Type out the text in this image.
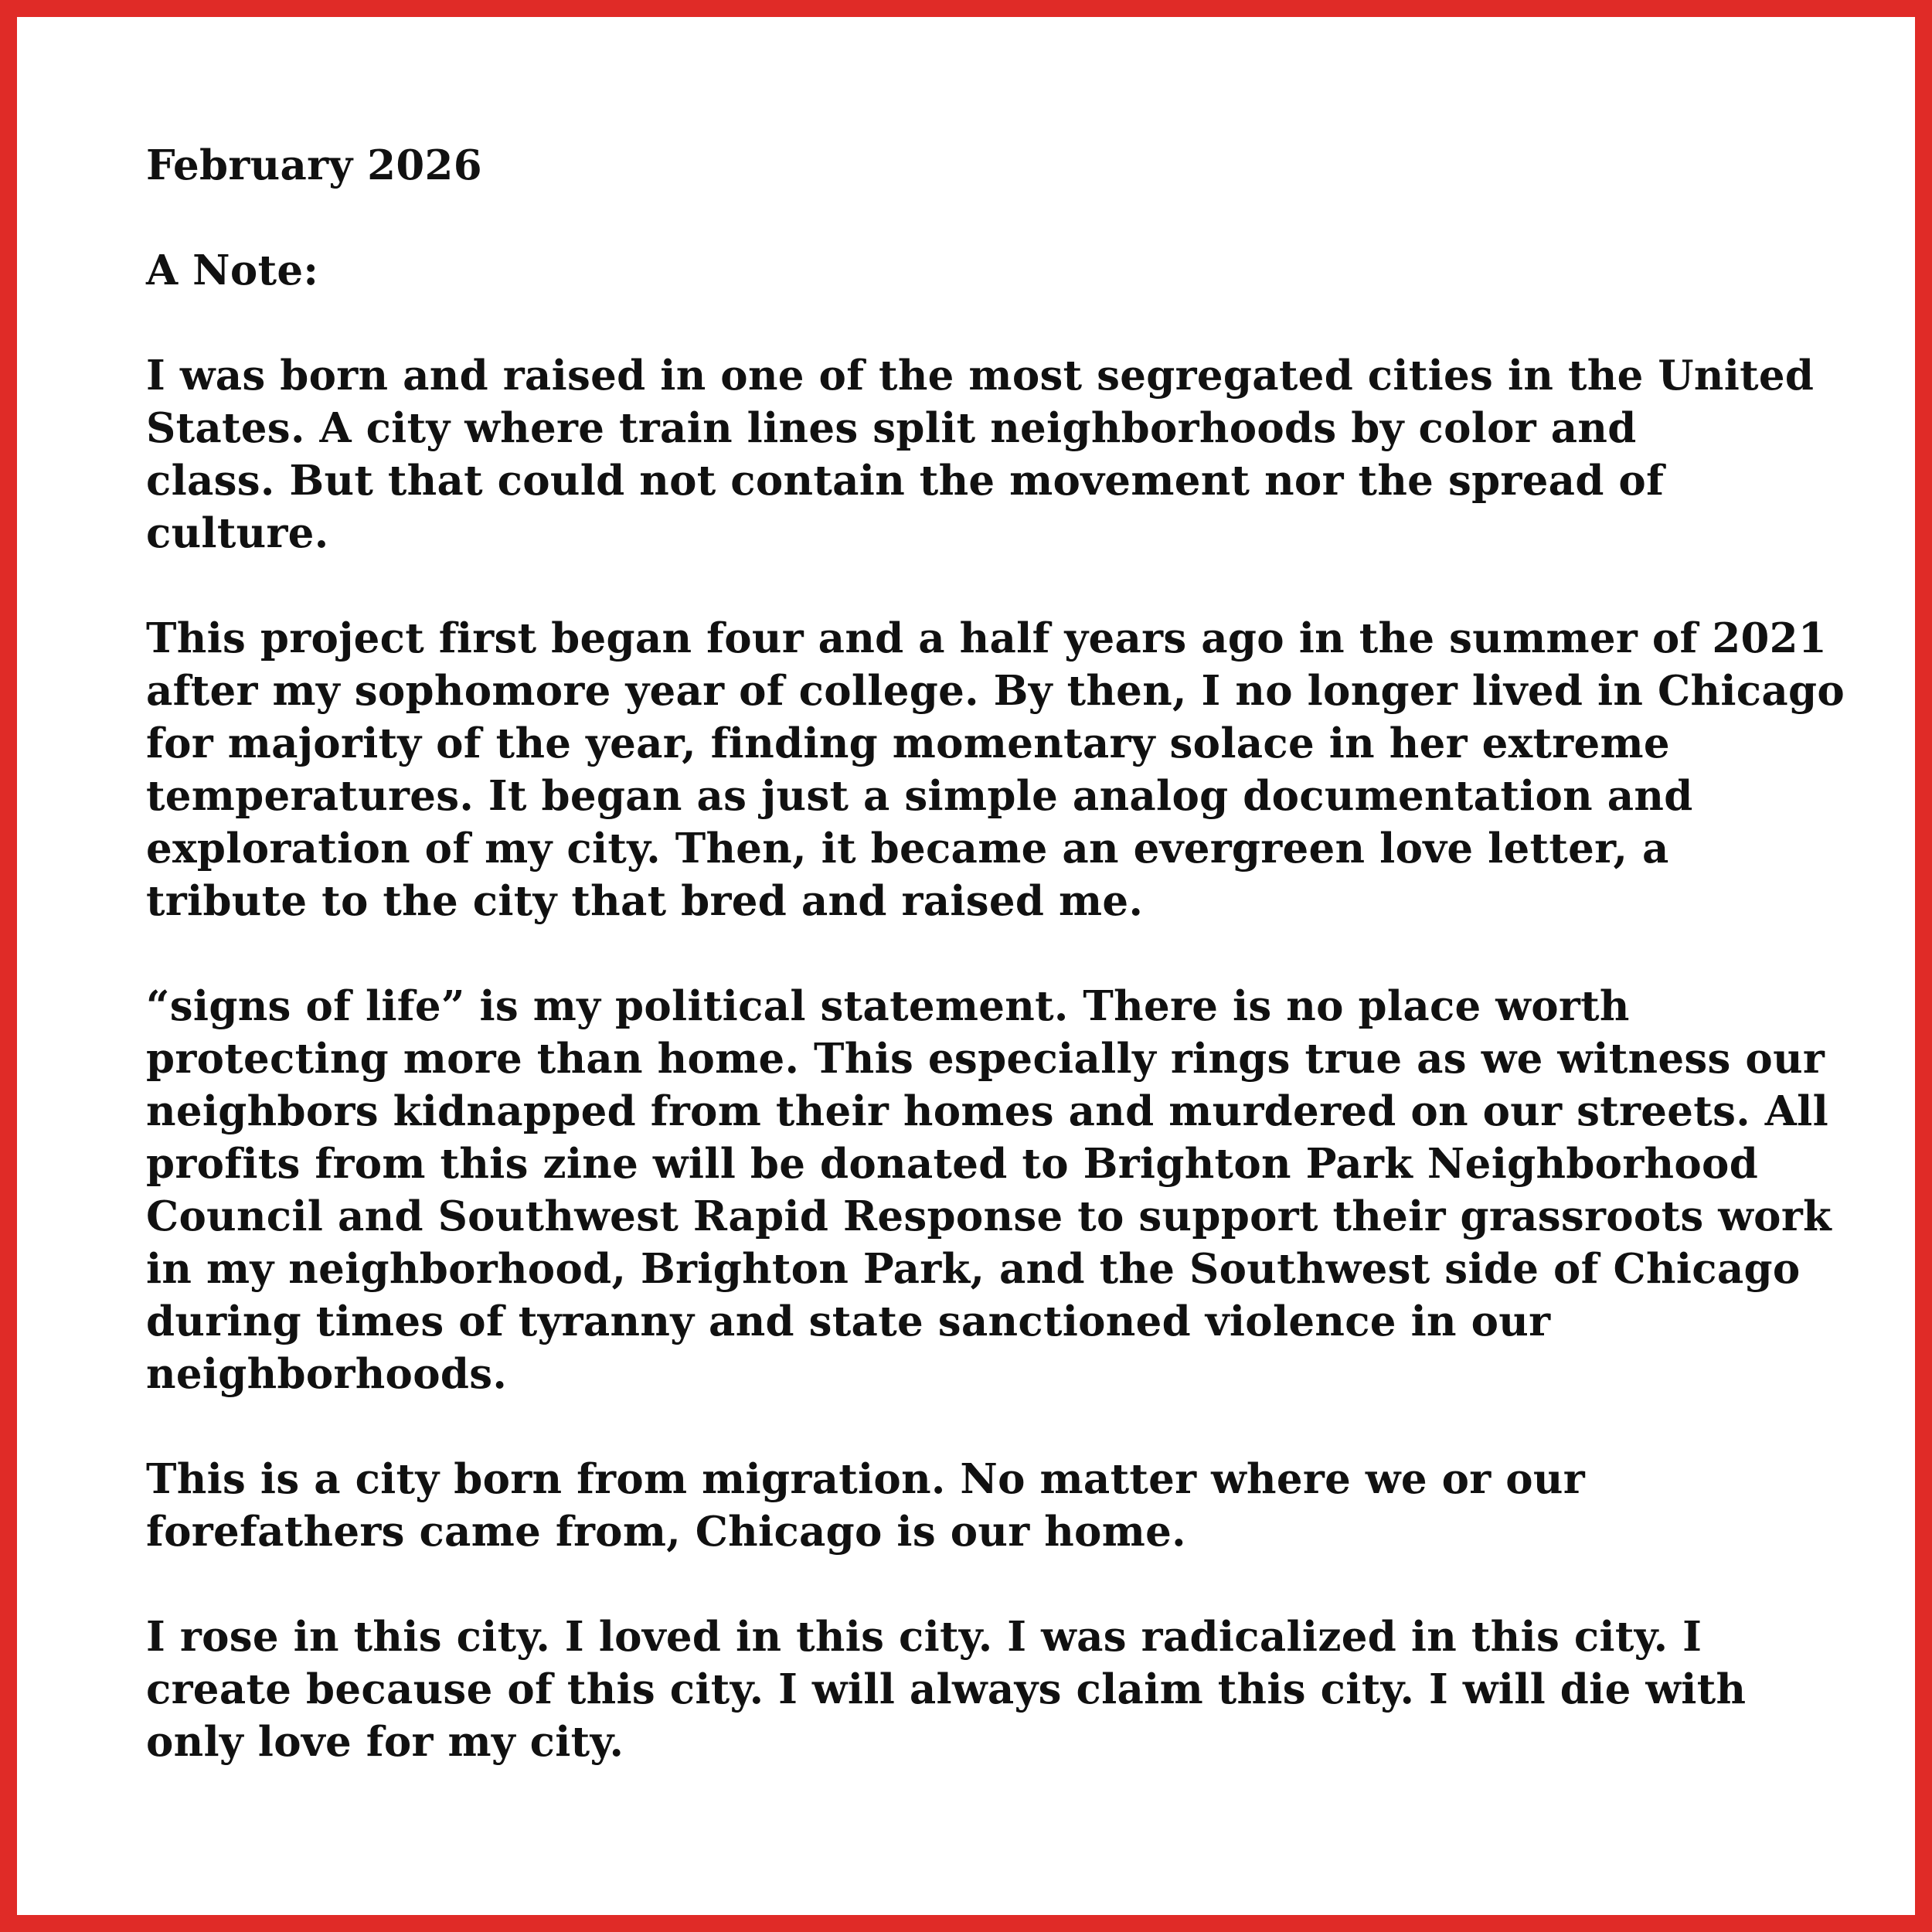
February 2026
A Note:
I was born and raised in one of the most segregated cities in the United
States. A city where train lines split neighborhoods by color and
class. But that could not contain the movement nor the spread of
culture.
This project first began four and a half years ago in the summer of 2021
after my sophomore year of college. By then, I no longer lived in Chicago
for majority of the year, finding momentary solace in her extreme
temperatures. It began as just a simple analog documentation and
exploration of my city. Then, it became an evergreen love letter, a
tribute to the city that bred and raised me.
“signs of life” is my political statement. There is no place worth
protecting more than home. This especially rings true as we witness our
neighbors kidnapped from their homes and murdered on our streets. All
profits from this zine will be donated to Brighton Park Neighborhood
Council and Southwest Rapid Response to support their grassroots work
in my neighborhood, Brighton Park, and the Southwest side of Chicago
during times of tyranny and state sanctioned violence in our
neighborhoods.
This is a city born from migration. No matter where we or our
forefathers came from, Chicago is our home.
I rose in this city. I loved in this city. I was radicalized in this city. I
create because of this city. I will always claim this city. I will die with
only love for my city.
